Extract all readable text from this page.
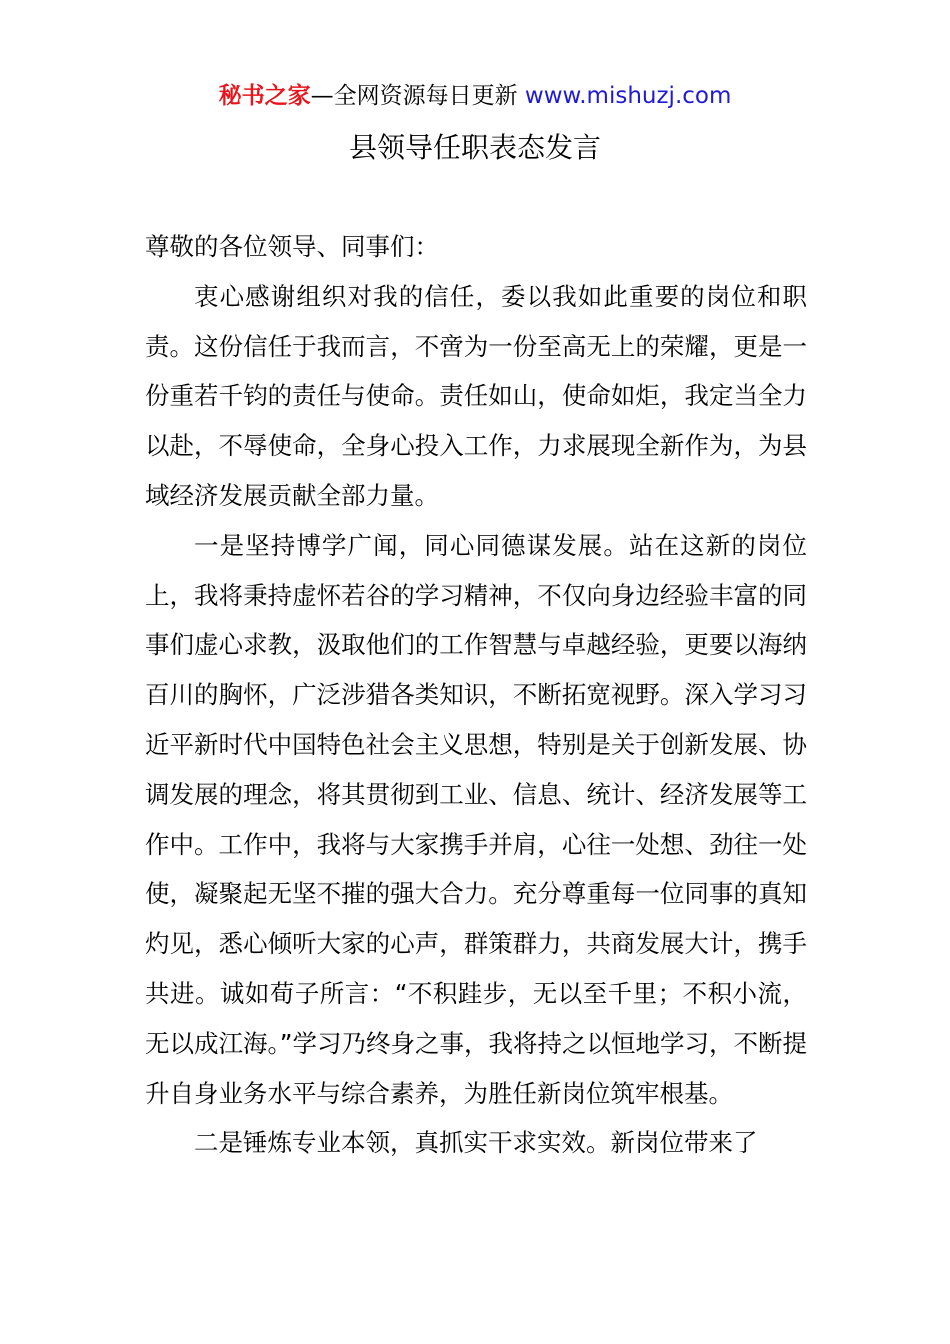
秘书之家—全网资源每日更新 www.mishuzj.com
县领导任职表态发言

尊敬的各位领导、同事们：

衷心感谢组织对我的信任，委以我如此重要的岗位和职责。这份信任于我而言，不啻为一份至高无上的荣耀，更是一份重若千钧的责任与使命。责任如山，使命如炬，我定当全力以赴，不辱使命，全身心投入工作，力求展现全新作为，为县域经济发展贡献全部力量。

一是坚持博学广闻，同心同德谋发展。站在这新的岗位上，我将秉持虚怀若谷的学习精神，不仅向身边经验丰富的同事们虚心求教，汲取他们的工作智慧与卓越经验，更要以海纳百川的胸怀，广泛涉猎各类知识，不断拓宽视野。深入学习习近平新时代中国特色社会主义思想，特别是关于创新发展、协调发展的理念，将其贯彻到工业、信息、统计、经济发展等工作中。工作中，我将与大家携手并肩，心往一处想、劲往一处使，凝聚起无坚不摧的强大合力。充分尊重每一位同事的真知灼见，悉心倾听大家的心声，群策群力，共商发展大计，携手共进。诚如荀子所言：“不积跬步，无以至千里；不积小流，无以成江海。”学习乃终身之事，我将持之以恒地学习，不断提升自身业务水平与综合素养，为胜任新岗位筑牢根基。

二是锤炼专业本领，真抓实干求实效。新岗位带来了
